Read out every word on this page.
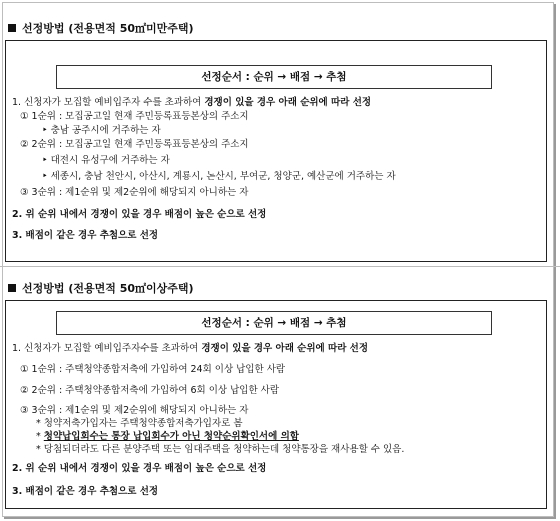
선정방법 (전용면적 50㎡미만주택)
선정순서 : 순위 → 배점 → 추첨
1. 신청자가 모집할 예비입주자 수를 초과하여 경쟁이 있을 경우 아래 순위에 따라 선정
① 1순위 : 모집공고일 현재 주민등록표등본상의 주소지
‣ 충남 공주시에 거주하는 자
② 2순위 : 모집공고일 현재 주민등록표등본상의 주소지
‣ 대전시 유성구에 거주하는 자
‣ 세종시, 충남 천안시, 아산시, 계룡시, 논산시, 부여군, 청양군, 예산군에 거주하는 자
③ 3순위 : 제1순위 및 제2순위에 해당되지 아니하는 자
2. 위 순위 내에서 경쟁이 있을 경우 배점이 높은 순으로 선정
3. 배점이 같은 경우 추첨으로 선정
선정방법 (전용면적 50㎡이상주택)
선정순서 : 순위 → 배점 → 추첨
1. 신청자가 모집할 예비입주자수를 초과하여 경쟁이 있을 경우 아래 순위에 따라 선정
① 1순위 : 주택청약종합저축에 가입하여 24회 이상 납입한 사람
② 2순위 : 주택청약종합저축에 가입하여 6회 이상 납입한 사람
③ 3순위 : 제1순위 및 제2순위에 해당되지 아니하는 자
* 청약저축가입자는 주택청약종합저축가입자로 봄
* 청약납입회수는 통장 납입회수가 아닌 청약순위확인서에 의함
* 당첨되더라도 다른 분양주택 또는 임대주택을 청약하는데 청약통장을 재사용할 수 있음.
2. 위 순위 내에서 경쟁이 있을 경우 배점이 높은 순으로 선정
3. 배점이 같은 경우 추첨으로 선정
